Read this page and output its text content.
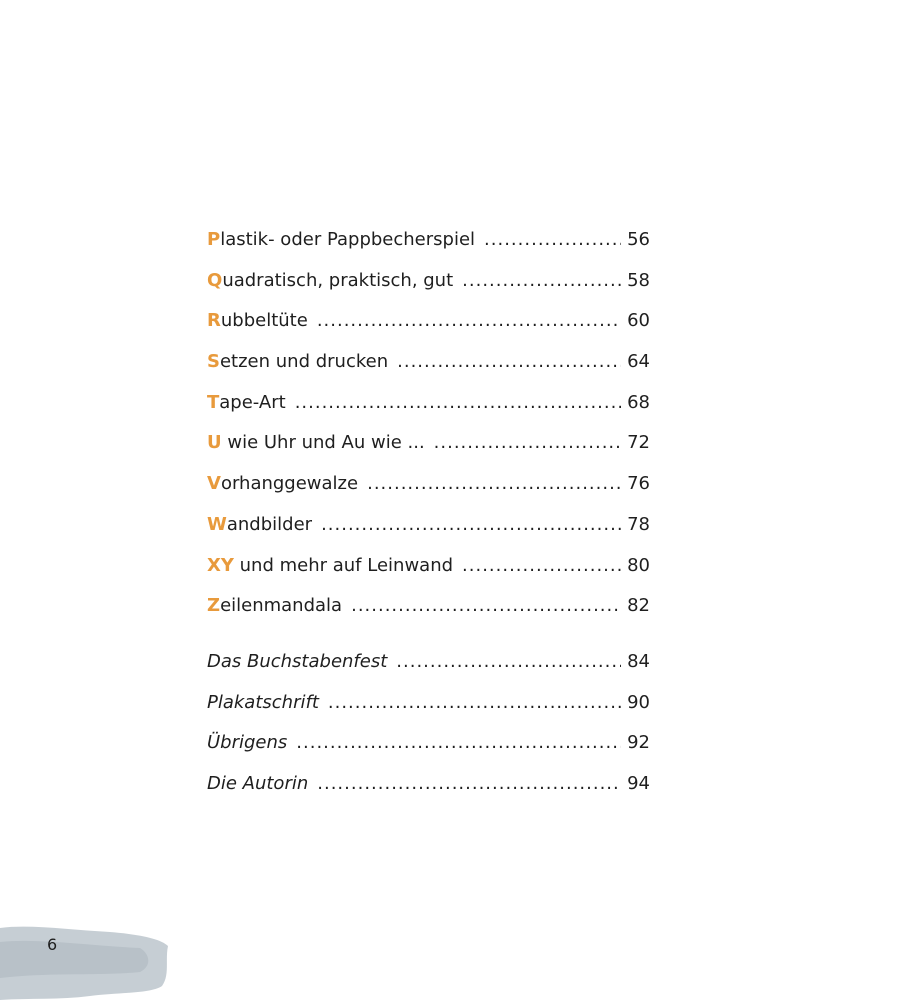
Plastik- oder Pappbecherspiel .....	56
Quadratisch, praktisch, gut .....	58
Rubbeltüte .....	60
Setzen und drucken .....	64
Tape-Art .....	68
U wie Uhr und Au wie ... .....	72
Vorhanggewalze .....	76
Wandbilder .....	78
XY und mehr auf Leinwand .....	80
Zeilenmandala .....	82
Das Buchstabenfest .....	84
Plakatschrift .....	90
Übrigens .....	92
Die Autorin .....	94
6
